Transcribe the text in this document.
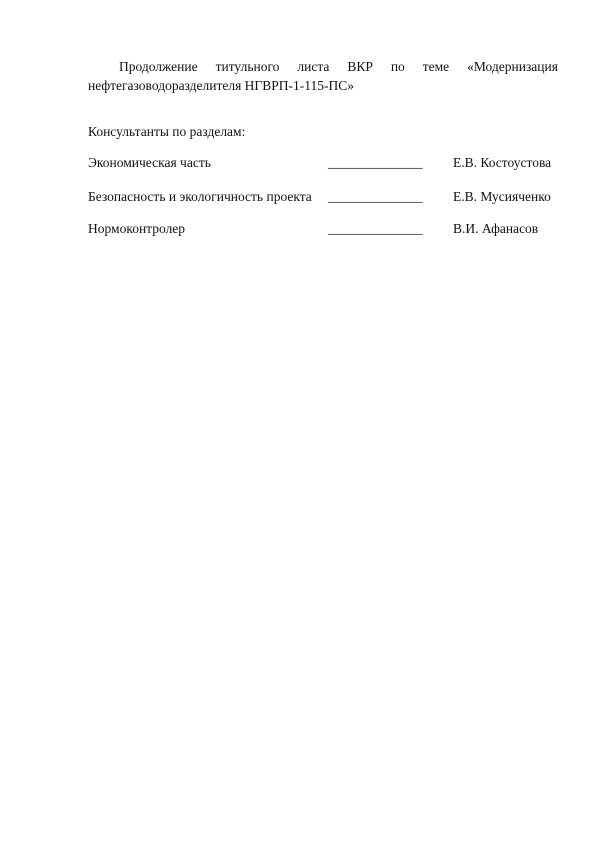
Продолжение титульного листа ВКР по теме «Модернизация
нефтегазоводоразделителя НГВРП-1-115-ПС»
Консультанты по разделам:
Экономическая часть	______________ Е.В. Костоустова
Безопасность и экологичность проекта ______________ Е.В. Мусияченко
Нормоконтролер	______________ В.И. Афанасов
